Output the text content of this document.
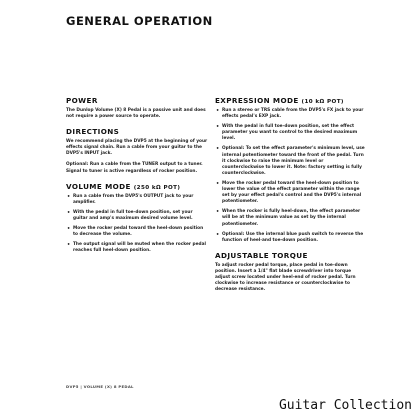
GENERAL OPERATION
POWER

The Dunlop Volume (X) 8 Pedal is a passive unit and does not require a power source to operate.

DIRECTIONS

We recommend placing the DVP5 at the beginning of your effects signal chain. Run a cable from your guitar to the DVP5's INPUT jack.

Optional: Run a cable from the TUNER output to a tuner. Signal to tuner is active regardless of rocker position.

VOLUME MODE (250 kΩ POT)
• Run a cable from the DVP5's OUTPUT jack to your amplifier.
• With the pedal in full toe-down position, set your guitar and amp's maximum desired volume level.
• Move the rocker pedal toward the heel-down position to decrease the volume.
• The output signal will be muted when the rocker pedal reaches full heel-down position.
EXPRESSION MODE (10 kΩ POT)
• Run a stereo or TRS cable from the DVP5's FX jack to your effects pedal's EXP jack.
• With the pedal in full toe-down position, set the effect parameter you want to control to the desired maximum level.
• Optional: To set the effect parameter's minimum level, use internal potentiometer toward the front of the pedal. Turn it clockwise to raise the minimum level or counterclockwise to lower it. Note: factory setting is fully counterclockwise.
• Move the rocker pedal toward the heel-down position to lower the value of the effect parameter within the range set by your effect pedal's control and the DVP5's internal potentiometer.
• When the rocker is fully heel-down, the effect parameter will be at the minimum value as set by the internal potentiometer.
• Optional: Use the internal blue push switch to reverse the function of heel-and toe-down position.
ADJUSTABLE TORQUE

To adjust rocker pedal torque, place pedal in toe-down position. Insert a 1/4" flat blade screwdriver into torque adjust screw located under heel-end of rocker pedal. Turn clockwise to increase resistance or counterclockwise to decrease resistance.

DVP5 | VOLUME (X) 8 PEDAL
Guitar Collection
